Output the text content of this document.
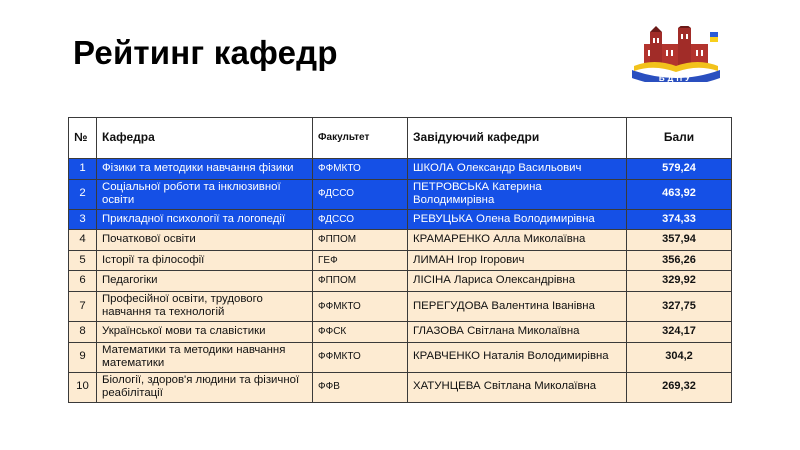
Рейтинг кафедр
БДПУ
№	Кафедра	Факультет	Завідуючий кафедри	Бали
1	Фізики та методики навчання фізики	ФФМКТО	ШКОЛА Олександр Васильович	579,24
2	Соціальної роботи та інклюзивної освіти	ФДССО	ПЕТРОВСЬКА Катерина Володимирівна	463,92
3	Прикладної психології та логопедії	ФДССО	РЕВУЦЬКА Олена Володимирівна	374,33
4	Початкової освіти	ФППОМ	КРАМАРЕНКО Алла Миколаївна	357,94
5	Історії та філософії	ГЕФ	ЛИМАН Ігор Ігорович	356,26
6	Педагогіки	ФППОМ	ЛІСІНА Лариса Олександрівна	329,92
7	Професійної освіти, трудового навчання та технологій	ФФМКТО	ПЕРЕГУДОВА Валентина Іванівна	327,75
8	Української мови та славістики	ФФСК	ГЛАЗОВА Світлана Миколаївна	324,17
9	Математики та методики навчання математики	ФФМКТО	КРАВЧЕНКО Наталія Володимирівна	304,2
10	Біології, здоров'я людини та фізичної реабілітації	ФФВ	ХАТУНЦЕВА Світлана Миколаївна	269,32
